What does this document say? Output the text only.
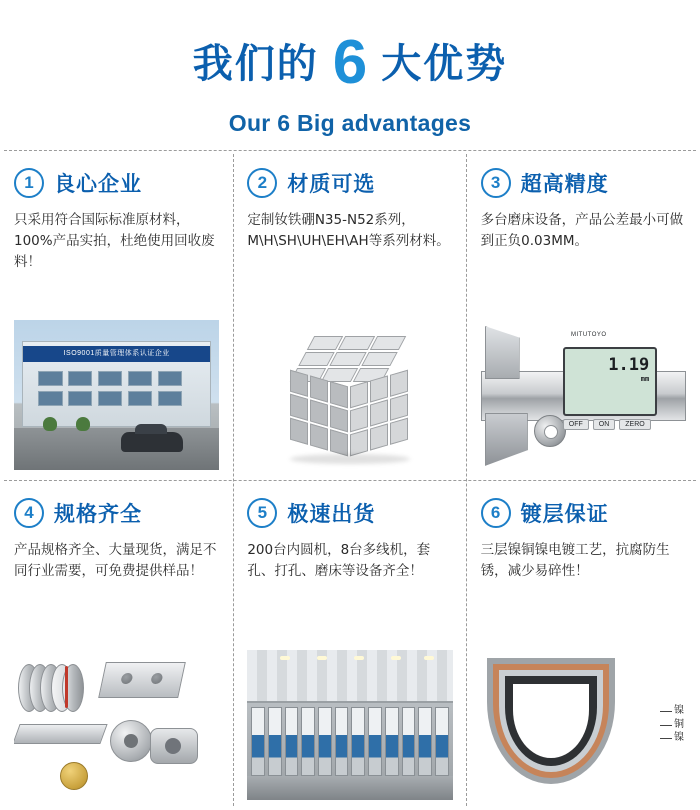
我们的 6 大优势
Our 6 Big advantages
1 良心企业
只采用符合国际标准原材料，100%产品实拍，杜绝使用回收废料！
ISO9001质量管理体系认证企业
2 材质可选
定制钕铁硼N35-N52系列，M\H\SH\UH\EH\AH等系列材料。
3 超高精度
多台磨床设备，产品公差最小可做到正负0.03MM。
MITUTOYO
1.19
mm
OFF	ON	ZERO
4 规格齐全
产品规格齐全、大量现货，满足不同行业需要，可免费提供样品！
5 极速出货
200台内圆机，8台多线机，套孔、打孔、磨床等设备齐全！
6 镀层保证
三层镍铜镍电镀工艺，抗腐防生锈，减少易碎性！
镍
铜
镍
